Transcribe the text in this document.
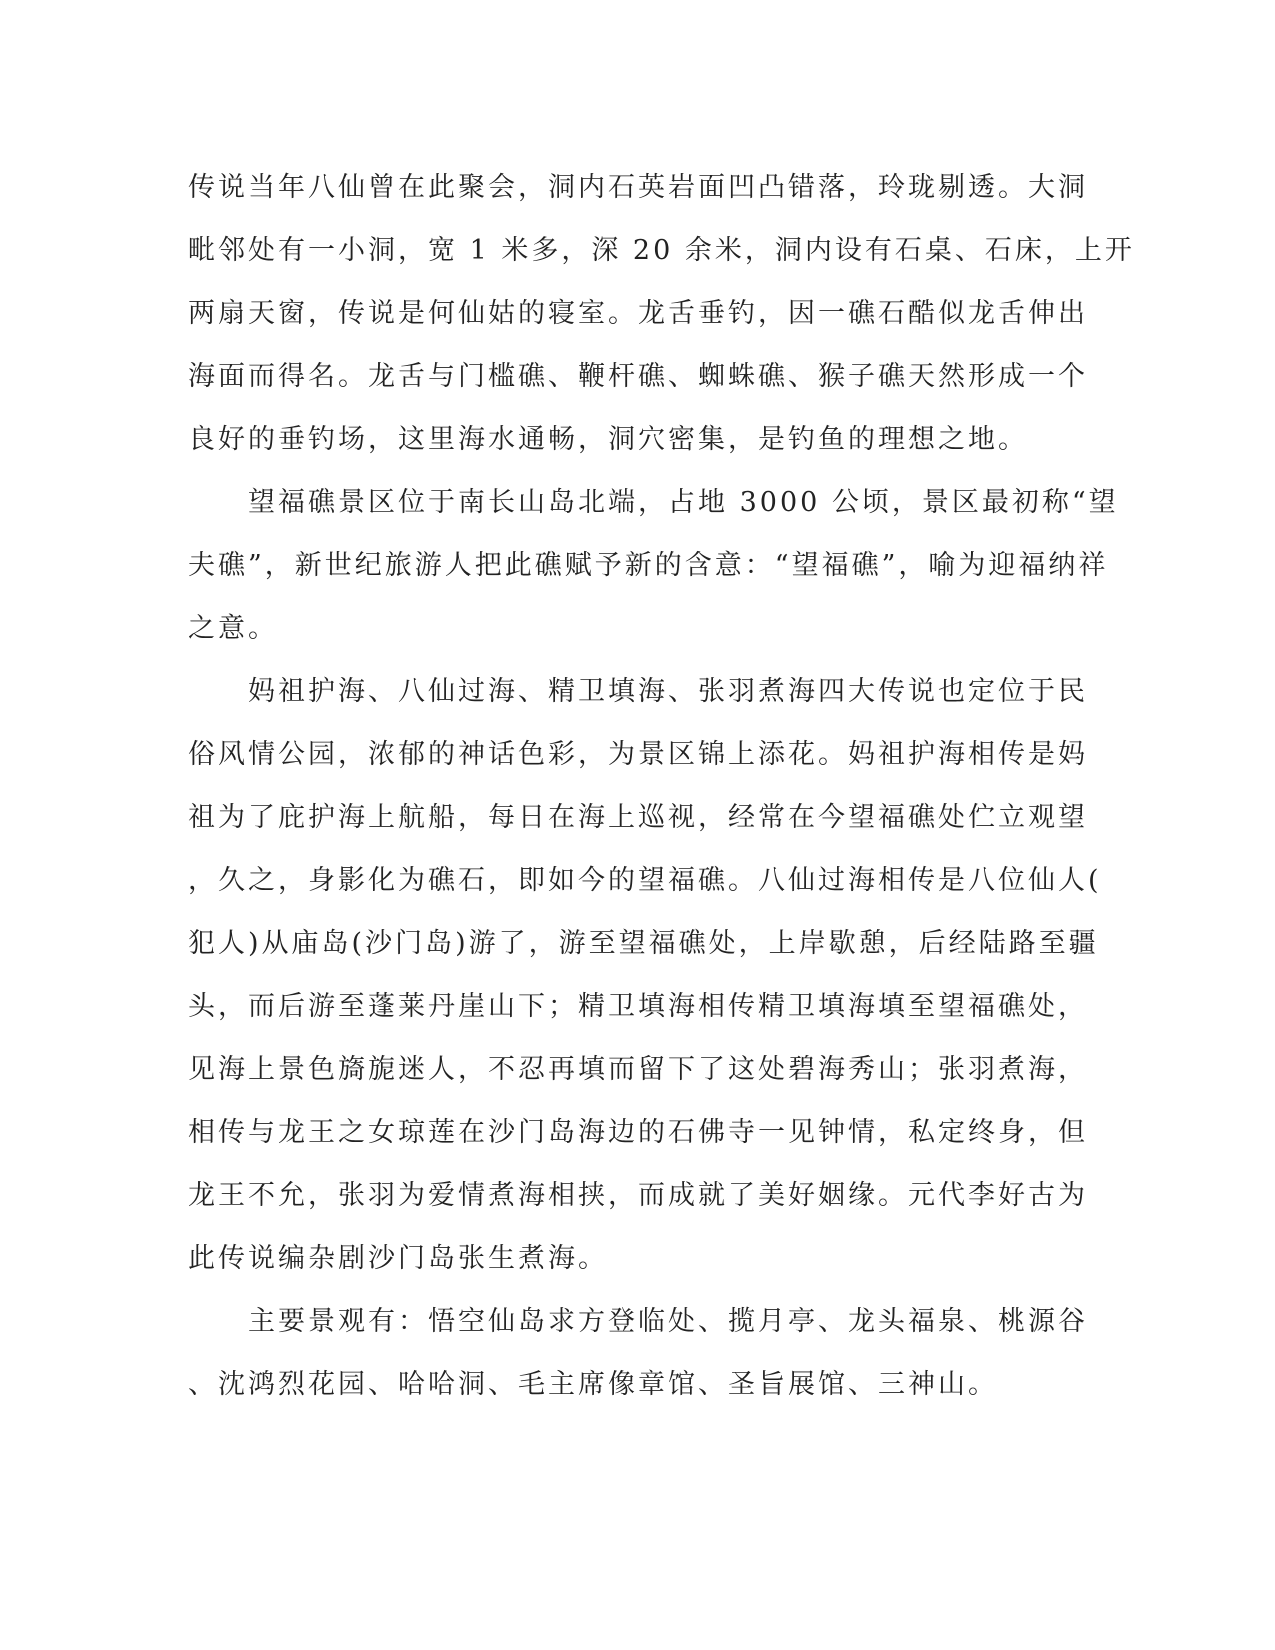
传说当年八仙曾在此聚会，洞内石英岩面凹凸错落，玲珑剔透。大洞
毗邻处有一小洞，宽 1 米多，深 20 余米，洞内设有石桌、石床，上开
两扇天窗，传说是何仙姑的寝室。龙舌垂钓，因一礁石酷似龙舌伸出
海面而得名。龙舌与门槛礁、鞭杆礁、蜘蛛礁、猴子礁天然形成一个
良好的垂钓场，这里海水通畅，洞穴密集，是钓鱼的理想之地。
　　望福礁景区位于南长山岛北端，占地 3000 公顷，景区最初称“望
夫礁”，新世纪旅游人把此礁赋予新的含意：“望福礁”，喻为迎福纳祥
之意。
　　妈祖护海、八仙过海、精卫填海、张羽煮海四大传说也定位于民
俗风情公园，浓郁的神话色彩，为景区锦上添花。妈祖护海相传是妈
祖为了庇护海上航船，每日在海上巡视，经常在今望福礁处伫立观望
，久之，身影化为礁石，即如今的望福礁。八仙过海相传是八位仙人(
犯人)从庙岛(沙门岛)游了，游至望福礁处，上岸歇憩，后经陆路至疆
头，而后游至蓬莱丹崖山下；精卫填海相传精卫填海填至望福礁处，
见海上景色旖旎迷人，不忍再填而留下了这处碧海秀山；张羽煮海，
相传与龙王之女琼莲在沙门岛海边的石佛寺一见钟情，私定终身，但
龙王不允，张羽为爱情煮海相挟，而成就了美好姻缘。元代李好古为
此传说编杂剧沙门岛张生煮海。
　　主要景观有：悟空仙岛求方登临处、揽月亭、龙头福泉、桃源谷
、沈鸿烈花园、哈哈洞、毛主席像章馆、圣旨展馆、三神山。
